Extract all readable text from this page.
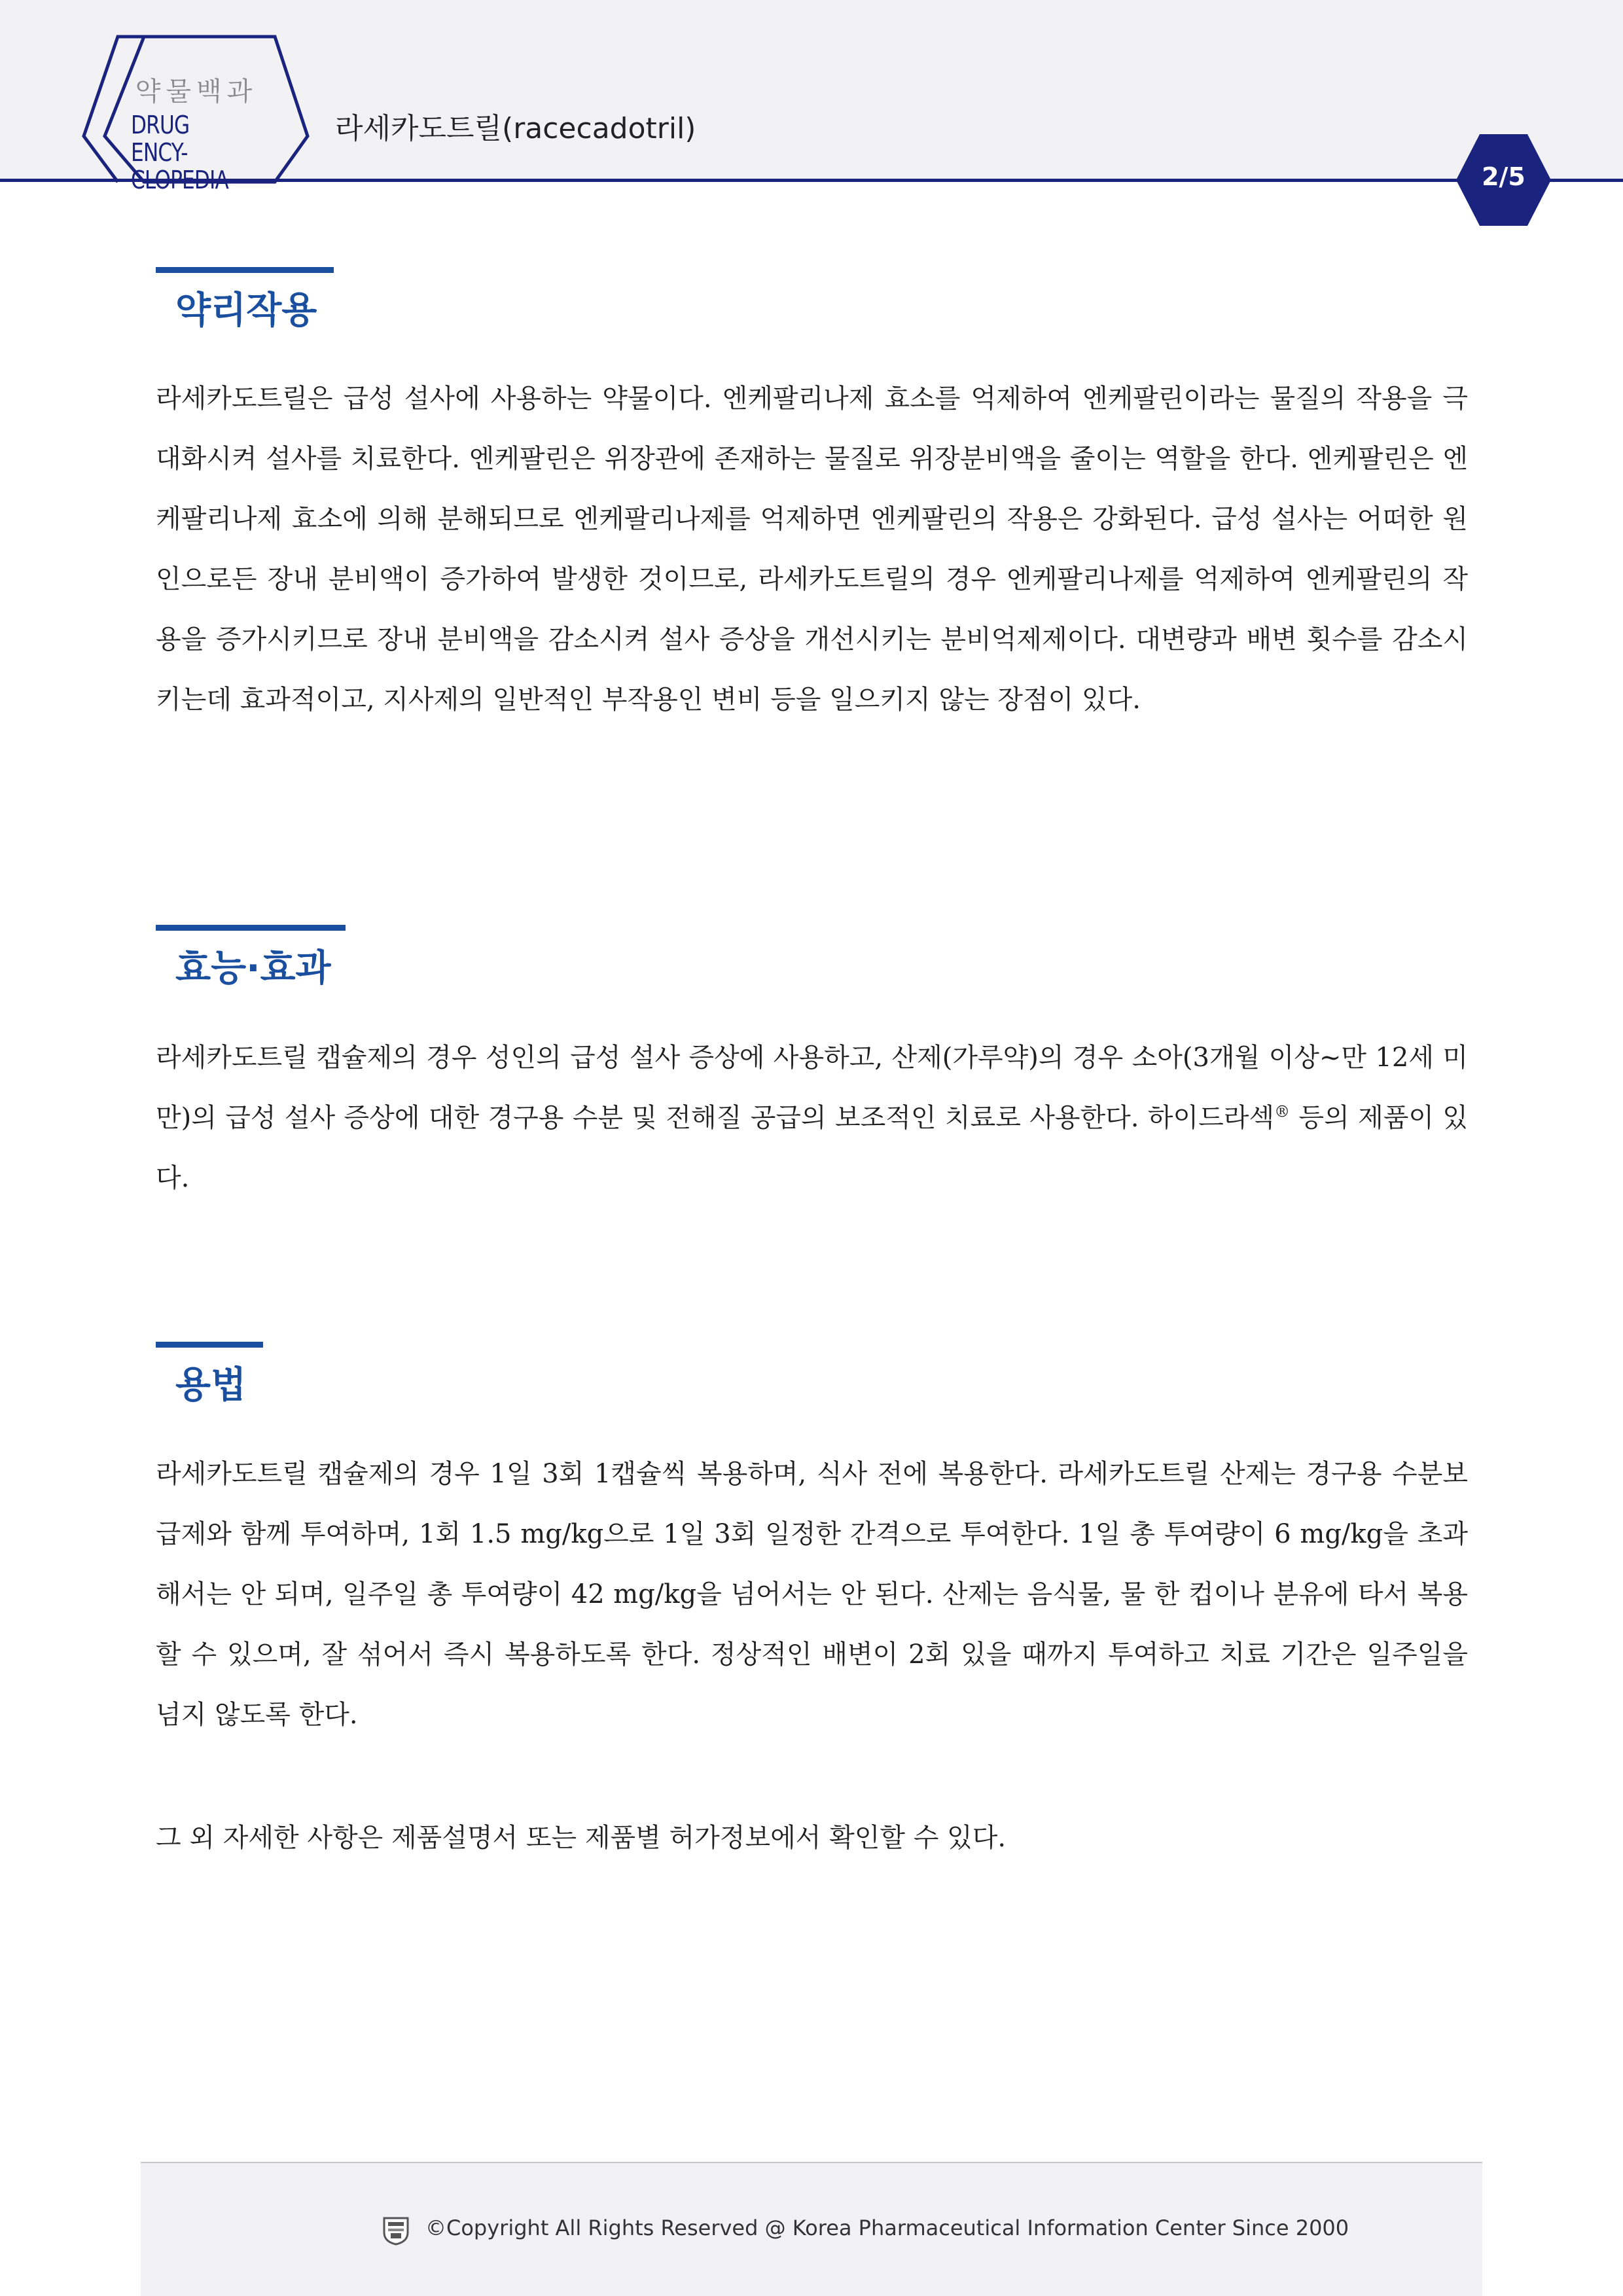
약물백과
DRUG ENCY-CLOPEDIA
라세카도트릴(racecadotril)
2/5
약리작용

라세카도트릴은 급성 설사에 사용하는 약물이다. 엔케팔리나제 효소를 억제하여 엔케팔린이라는 물질의 작용을 극대화시켜 설사를 치료한다. 엔케팔린은 위장관에 존재하는 물질로 위장분비액을 줄이는 역할을 한다. 엔케팔린은 엔케팔리나제 효소에 의해 분해되므로 엔케팔리나제를 억제하면 엔케팔린의 작용은 강화된다. 급성 설사는 어떠한 원인으로든 장내 분비액이 증가하여 발생한 것이므로, 라세카도트릴의 경우 엔케팔리나제를 억제하여 엔케팔린의 작용을 증가시키므로 장내 분비액을 감소시켜 설사 증상을 개선시키는 분비억제제이다. 대변량과 배변 횟수를 감소시키는데 효과적이고, 지사제의 일반적인 부작용인 변비 등을 일으키지 않는 장점이 있다.

효능·효과

라세카도트릴 캡슐제의 경우 성인의 급성 설사 증상에 사용하고, 산제(가루약)의 경우 소아(3개월 이상~만 12세 미만)의 급성 설사 증상에 대한 경구용 수분 및 전해질 공급의 보조적인 치료로 사용한다. 하이드라섹® 등의 제품이 있다.

용법

라세카도트릴 캡슐제의 경우 1일 3회 1캡슐씩 복용하며, 식사 전에 복용한다. 라세카도트릴 산제는 경구용 수분보급제와 함께 투여하며, 1회 1.5 mg/kg으로 1일 3회 일정한 간격으로 투여한다. 1일 총 투여량이 6 mg/kg을 초과해서는 안 되며, 일주일 총 투여량이 42 mg/kg을 넘어서는 안 된다. 산제는 음식물, 물 한 컵이나 분유에 타서 복용할 수 있으며, 잘 섞어서 즉시 복용하도록 한다. 정상적인 배변이 2회 있을 때까지 투여하고 치료 기간은 일주일을 넘지 않도록 한다.

그 외 자세한 사항은 제품설명서 또는 제품별 허가정보에서 확인할 수 있다.

©Copyright All Rights Reserved @ Korea Pharmaceutical Information Center Since 2000
